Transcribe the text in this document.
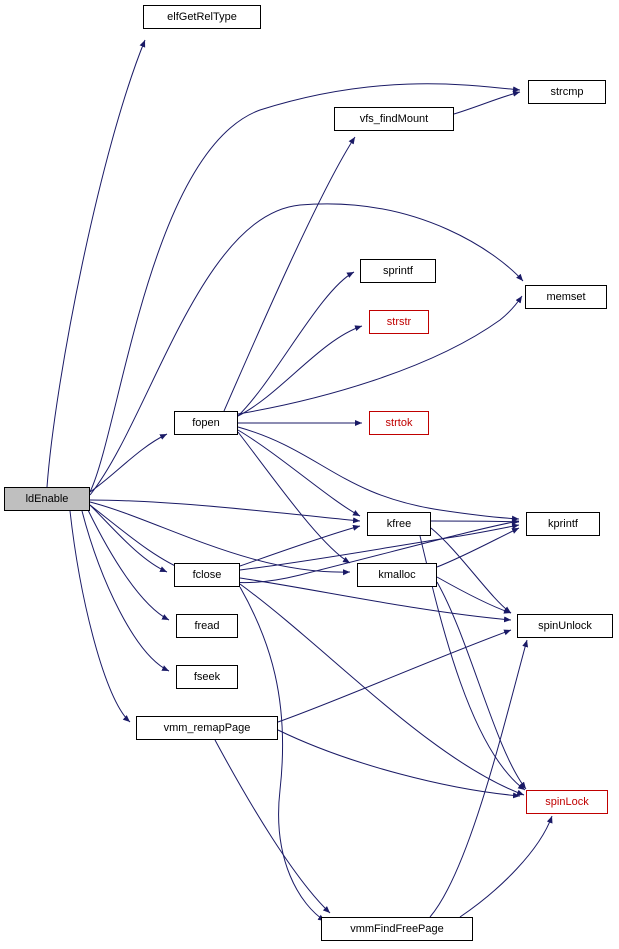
ldEnable
elfGetRelType
vfs_findMount
strcmp
sprintf
strstr
memset
fopen	strtok
kfree	kprintf
fclose	kmalloc
spinUnlock
fread
fseek
vmm_remapPage
spinLock
vmmFindFreePage
